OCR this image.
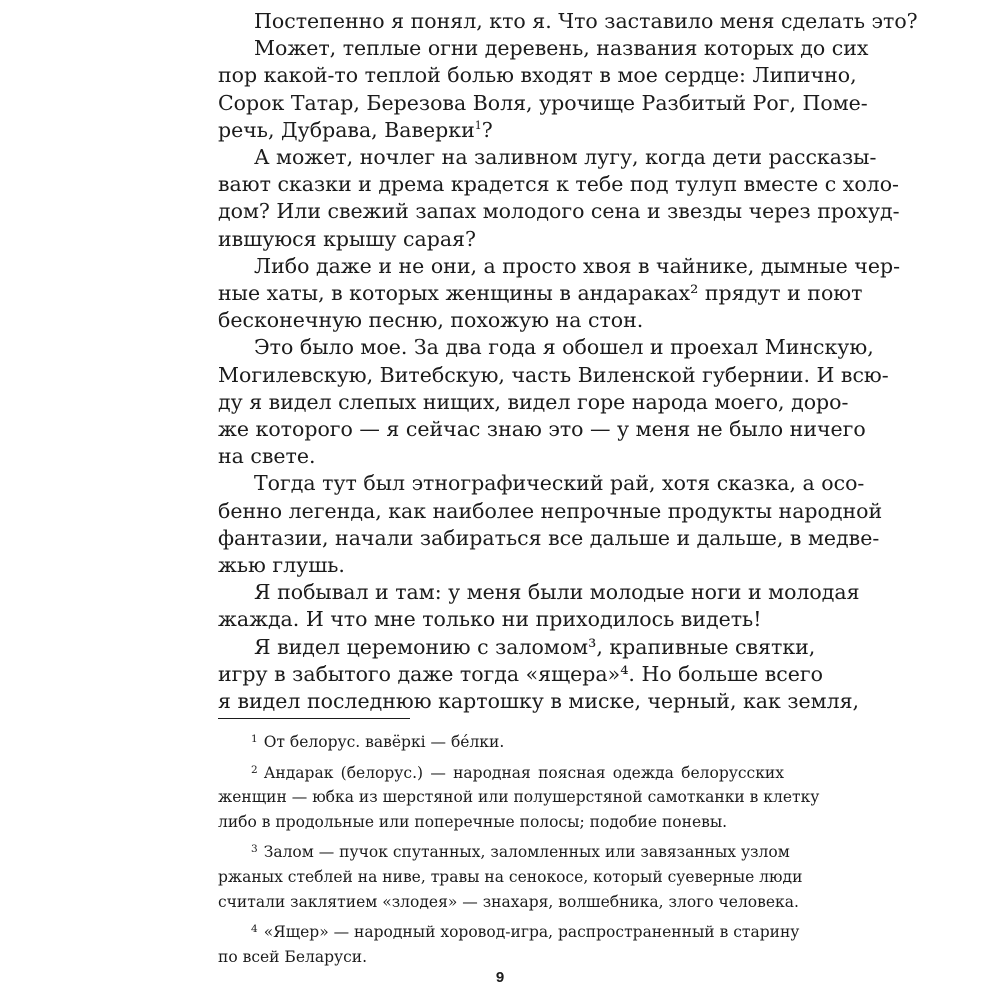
Постепенно я понял, кто я. Что заставило меня сделать это?

Может, теплые огни деревень, названия которых до сих
пор какой-то теплой болью входят в мое сердце: Липично,
Сорок Татар, Березова Воля, урочище Разбитый Рог, Поме-
речь, Дубрава, Ваверки$^1$?

А может, ночлег на заливном лугу, когда дети рассказы-
вают сказки и дрема крадется к тебе под тулуп вместе с холо-
дом? Или свежий запах молодого сена и звезды через прохуд-
ившуюся крышу сарая?

Либо даже и не они, а просто хвоя в чайнике, дымные чер-
ные хаты, в которых женщины в андараках² прядут и поют
бесконечную песню, похожую на стон.

Это было мое. За два года я обошел и проехал Минскую,
Могилевскую, Витебскую, часть Виленской губернии. И всю-
ду я видел слепых нищих, видел горе народа моего, доро-
же которого — я сейчас знаю это — у меня не было ничего
на свете.

Тогда тут был этнографический рай, хотя сказка, а осо-
бенно легенда, как наиболее непрочные продукты народной
фантазии, начали забираться все дальше и дальше, в медве-
жью глушь.

Я побывал и там: у меня были молодые ноги и молодая
жажда. И что мне только ни приходилось видеть!

Я видел церемонию с заломом³, крапивные святки,
игру в забытого даже тогда «ящера»⁴. Но больше всего
я видел последнюю картошку в миске, черный, как земля,

$^1$ От белорус. вавёркі — бéлки.

$^2$ Андарак (белорус.) — народная поясная одежда белорусских
женщин — юбка из шерстяной или полушерстяной самотканки в клетку
либо в продольные или поперечные полосы; подобие поневы.

$^3$ Залом — пучок спутанных, заломленных или завязанных узлом
ржаных стеблей на ниве, травы на сенокосе, который суеверные люди
считали заклятием «злодея» — знахаря, волшебника, злого человека.

$^4$ «Ящер» — народный хоровод-игра, распространенный в старину
по всей Беларуси.

9
